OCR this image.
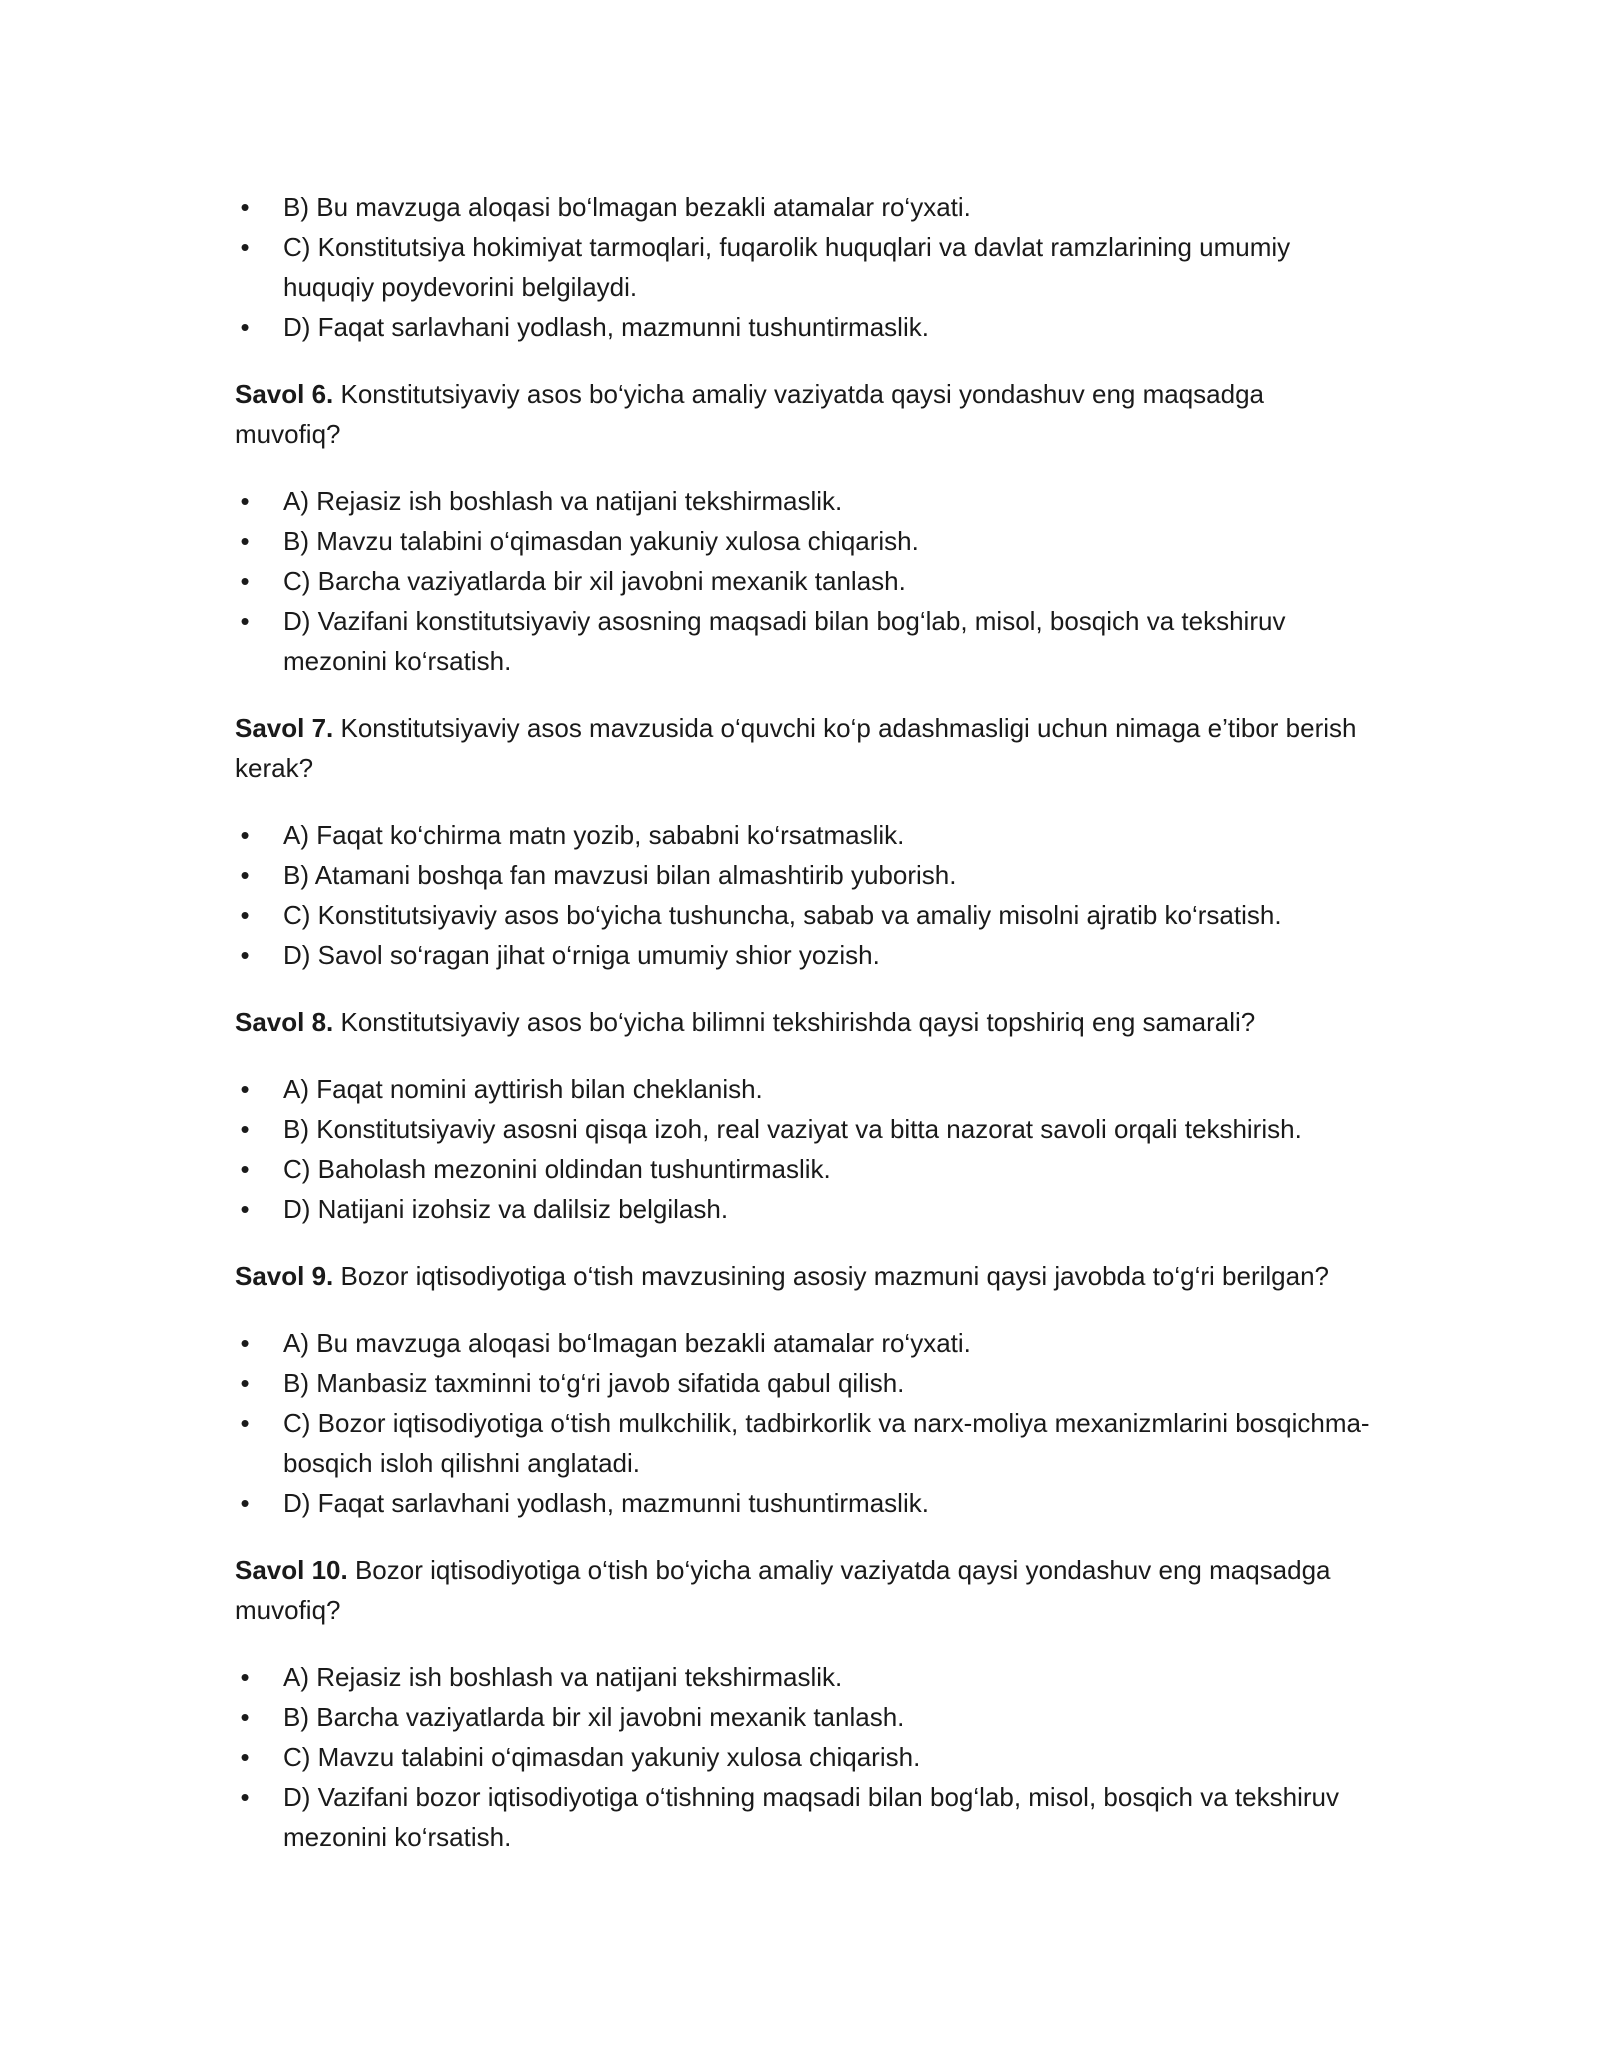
• B) Bu mavzuga aloqasi bo‘lmagan bezakli atamalar ro‘yxati.
• C) Konstitutsiya hokimiyat tarmoqlari, fuqarolik huquqlari va davlat ramzlarining umumiy huquqiy poydevorini belgilaydi.
• D) Faqat sarlavhani yodlash, mazmunni tushuntirmaslik.

Savol 6. Konstitutsiyaviy asos bo‘yicha amaliy vaziyatda qaysi yondashuv eng maqsadga muvofiq?

• A) Rejasiz ish boshlash va natijani tekshirmaslik.
• B) Mavzu talabini o‘qimasdan yakuniy xulosa chiqarish.
• C) Barcha vaziyatlarda bir xil javobni mexanik tanlash.
• D) Vazifani konstitutsiyaviy asosning maqsadi bilan bog‘lab, misol, bosqich va tekshiruv mezonini ko‘rsatish.

Savol 7. Konstitutsiyaviy asos mavzusida o‘quvchi ko‘p adashmasligi uchun nimaga e’tibor berish kerak?

• A) Faqat ko‘chirma matn yozib, sababni ko‘rsatmaslik.
• B) Atamani boshqa fan mavzusi bilan almashtirib yuborish.
• C) Konstitutsiyaviy asos bo‘yicha tushuncha, sabab va amaliy misolni ajratib ko‘rsatish.
• D) Savol so‘ragan jihat o‘rniga umumiy shior yozish.

Savol 8. Konstitutsiyaviy asos bo‘yicha bilimni tekshirishda qaysi topshiriq eng samarali?

• A) Faqat nomini ayttirish bilan cheklanish.
• B) Konstitutsiyaviy asosni qisqa izoh, real vaziyat va bitta nazorat savoli orqali tekshirish.
• C) Baholash mezonini oldindan tushuntirmaslik.
• D) Natijani izohsiz va dalilsiz belgilash.

Savol 9. Bozor iqtisodiyotiga o‘tish mavzusining asosiy mazmuni qaysi javobda to‘g‘ri berilgan?

• A) Bu mavzuga aloqasi bo‘lmagan bezakli atamalar ro‘yxati.
• B) Manbasiz taxminni to‘g‘ri javob sifatida qabul qilish.
• C) Bozor iqtisodiyotiga o‘tish mulkchilik, tadbirkorlik va narx-moliya mexanizmlarini bosqichma-bosqich isloh qilishni anglatadi.
• D) Faqat sarlavhani yodlash, mazmunni tushuntirmaslik.

Savol 10. Bozor iqtisodiyotiga o‘tish bo‘yicha amaliy vaziyatda qaysi yondashuv eng maqsadga muvofiq?

• A) Rejasiz ish boshlash va natijani tekshirmaslik.
• B) Barcha vaziyatlarda bir xil javobni mexanik tanlash.
• C) Mavzu talabini o‘qimasdan yakuniy xulosa chiqarish.
• D) Vazifani bozor iqtisodiyotiga o‘tishning maqsadi bilan bog‘lab, misol, bosqich va tekshiruv mezonini ko‘rsatish.
